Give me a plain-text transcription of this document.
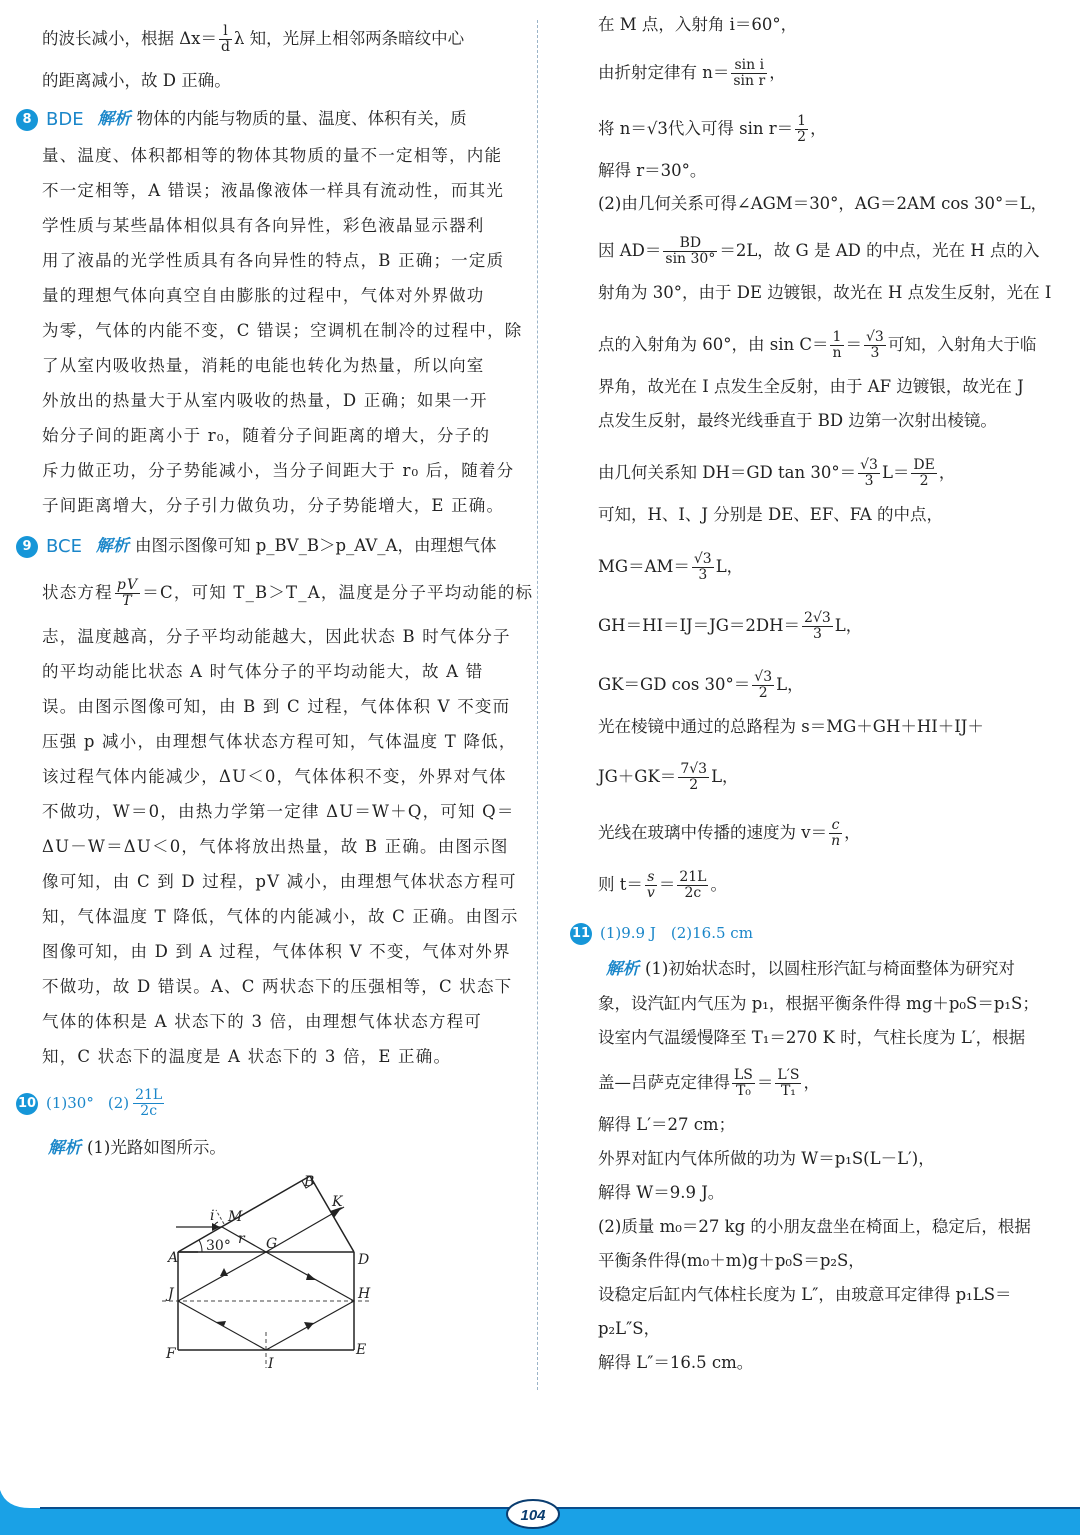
的波长减小，根据 $\Delta x= \frac{l}{d}$ λ 知，光屏上相邻两条暗纹中心
的距离减小，故 D 正确。
8 BDE 解析 物体的内能与物质的量、温度、体积有关，质
量、温度、体积都相等的物体其物质的量不一定相等，内能
不一定相等，A 错误；液晶像液体一样具有流动性，而其光
学性质与某些晶体相似具有各向异性，彩色液晶显示器利
用了液晶的光学性质具有各向异性的特点，B 正确；一定质
量的理想气体向真空自由膨胀的过程中，气体对外界做功
为零，气体的内能不变，C 错误；空调机在制冷的过程中，除
了从室内吸收热量，消耗的电能也转化为热量，所以向室
外放出的热量大于从室内吸收的热量，D 正确；如果一开
始分子间的距离小于 r₀，随着分子间距离的增大，分子的
斥力做正功，分子势能减小，当分子间距大于 r₀ 后，随着分
子间距离增大，分子引力做负功，分子势能增大，E 正确。
9 BCE 解析 由图示图像可知 p_BV_B＞p_AV_A，由理想气体
状态方程 $\frac{pV}{T} =C$，可知 T_B＞T_A，温度是分子平均动能的标
志，温度越高，分子平均动能越大，因此状态 B 时气体分子
的平均动能比状态 A 时气体分子的平均动能大，故 A 错
误。由图示图像可知，由 B 到 C 过程，气体体积 V 不变而
压强 p 减小，由理想气体状态方程可知，气体温度 T 降低，
该过程气体内能减少，ΔU＜0，气体体积不变，外界对气体
不做功，W＝0，由热力学第一定律 ΔU＝W＋Q，可知 Q＝
ΔU－W＝ΔU＜0，气体将放出热量，故 B 正确。由图示图
像可知，由 C 到 D 过程，pV 减小，由理想气体状态方程可
知，气体温度 T 降低，气体的内能减小，故 C 正确。由图示
图像可知，由 D 到 A 过程，气体体积 V 不变，气体对外界
不做功，故 D 错误。A、C 两状态下的压强相等，C 状态下
气体的体积是 A 状态下的 3 倍，由理想气体状态方程可
知，C 状态下的温度是 A 状态下的 3 倍，E 正确。
10 (1)30° $(2) \frac{21L}{2c}$
解析 (1)光路如图所示。
B
K
i M
r
30°	G
A	D
J	H
F	E
I
在 M 点，入射角 i＝60°，
由折射定律有 $n= \frac{\text{sin i}}{\text{sin r}}$ ，
将 n＝√3代入可得 $\sin r= \frac{1}{2}$ ，
解得 r＝30°。
(2)由几何关系可得∠AGM＝30°，AG＝2AM cos 30°＝L，
因 $AD= \frac{BD}{\sin 30^\circ} =2L$，故 G 是 AD 的中点，光在 H 点的入
射角为 30°，由于 DE 边镀银，故光在 H 点发生反射，光在 I
点的入射角为 60°，由 $\sin C= \frac{1}{n} = \frac{√3}{3}$ 可知，入射角大于临
界角，故光在 I 点发生全反射，由于 AF 边镀银，故光在 J
点发生反射，最终光线垂直于 BD 边第一次射出棱镜。
由几何关系知 DH＝GD $\tan 30^\circ= \frac{√3}{3} L= \frac{DE}{2}$ ，
可知，H、I、J 分别是 DE、EF、FA 的中点，
$MG=AM= \frac{√3}{3}$ L，
$GH=HI=IJ=JG=2DH= \frac{2√3}{3}$ L，
GK＝GD $\cos 30^\circ= \frac{√3}{2}$ L，
光在棱镜中通过的总路程为 s＝MG＋GH＋HI＋IJ＋
$JG+GK= \frac{7√3}{2}$ L，
光线在玻璃中传播的速度为 $v= \frac{c}{n}$ ，
则 $t= \frac{s}{v} = \frac{21L}{2c}$ 。
11 (1)9.9 J　(2)16.5 cm
解析 (1)初始状态时，以圆柱形汽缸与椅面整体为研究对
象，设汽缸内气压为 p₁，根据平衡条件得 mg＋p₀S＝p₁S；
设室内气温缓慢降至 T₁＝270 K 时，气柱长度为 L′，根据
盖—吕萨克定律得 $\frac{LS}{\text{T₀}} = \frac{L'S}{\text{T₁}}$ ，
解得 L′＝27 cm；
外界对缸内气体所做的功为 W＝p₁S(L－L′)，
解得 W＝9.9 J。
(2)质量 m₀＝27 kg 的小朋友盘坐在椅面上，稳定后，根据
平衡条件得(m₀＋m)g＋p₀S＝p₂S，
设稳定后缸内气体柱长度为 L″，由玻意耳定律得 p₁LS＝
p₂L″S，
解得 L″＝16.5 cm。
104
